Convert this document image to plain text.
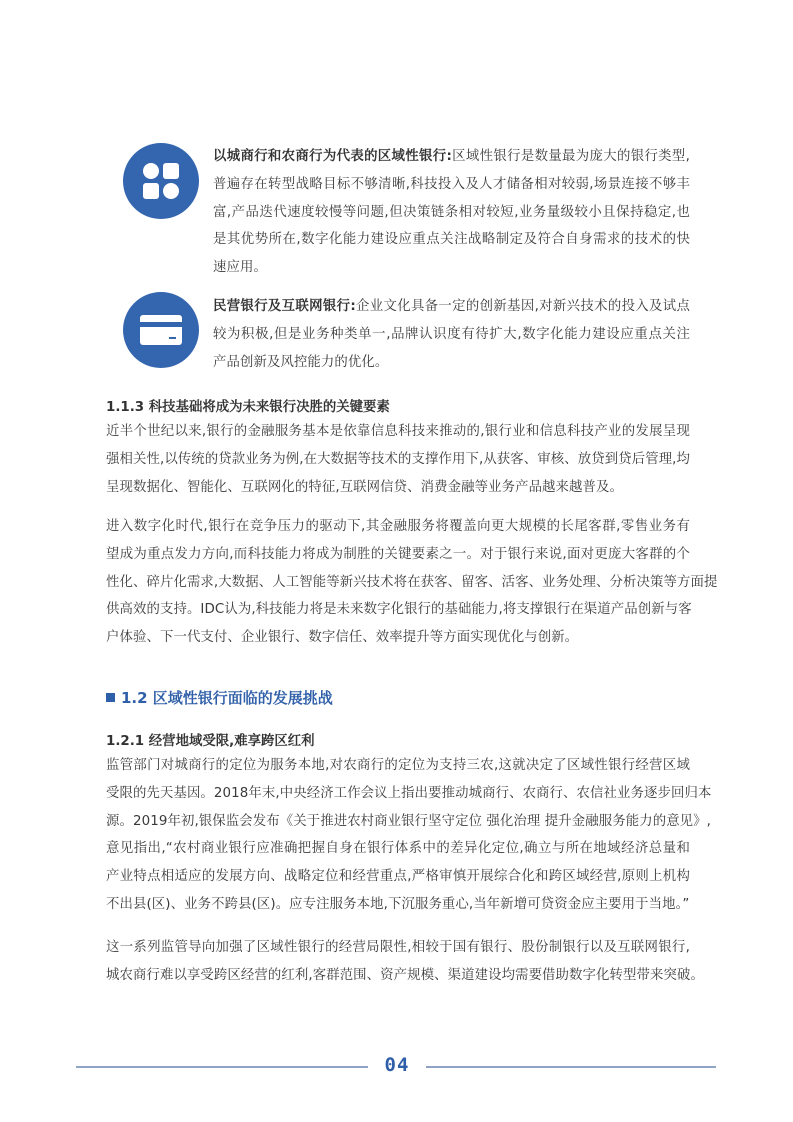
以城商行和农商行为代表的区域性银行:区域性银行是数量最为庞大的银行类型,
普遍存在转型战略目标不够清晰,科技投入及人才储备相对较弱,场景连接不够丰
富,产品迭代速度较慢等问题,但决策链条相对较短,业务量级较小且保持稳定,也
是其优势所在,数字化能力建设应重点关注战略制定及符合自身需求的技术的快
速应用。
民营银行及互联网银行:企业文化具备一定的创新基因,对新兴技术的投入及试点
较为积极,但是业务种类单一,品牌认识度有待扩大,数字化能力建设应重点关注
产品创新及风控能力的优化。
1.1.3 科技基础将成为未来银行决胜的关键要素
近半个世纪以来,银行的金融服务基本是依靠信息科技来推动的,银行业和信息科技产业的发展呈现
强相关性,以传统的贷款业务为例,在大数据等技术的支撑作用下,从获客、审核、放贷到贷后管理,均
呈现数据化、智能化、互联网化的特征,互联网信贷、消费金融等业务产品越来越普及。
进入数字化时代,银行在竞争压力的驱动下,其金融服务将覆盖向更大规模的长尾客群,零售业务有
望成为重点发力方向,而科技能力将成为制胜的关键要素之一。对于银行来说,面对更庞大客群的个
性化、碎片化需求,大数据、人工智能等新兴技术将在获客、留客、活客、业务处理、分析决策等方面提
供高效的支持。IDC认为,科技能力将是未来数字化银行的基础能力,将支撑银行在渠道产品创新与客
户体验、下一代支付、企业银行、数字信任、效率提升等方面实现优化与创新。
1.2 区域性银行面临的发展挑战
1.2.1 经营地域受限,难享跨区红利
监管部门对城商行的定位为服务本地,对农商行的定位为支持三农,这就决定了区域性银行经营区域
受限的先天基因。2018年末,中央经济工作会议上指出要推动城商行、农商行、农信社业务逐步回归本
源。2019年初,银保监会发布《关于推进农村商业银行坚守定位 强化治理 提升金融服务能力的意见》,
意见指出,“农村商业银行应准确把握自身在银行体系中的差异化定位,确立与所在地域经济总量和
产业特点相适应的发展方向、战略定位和经营重点,严格审慎开展综合化和跨区域经营,原则上机构
不出县(区)、业务不跨县(区)。应专注服务本地,下沉服务重心,当年新增可贷资金应主要用于当地。”
这一系列监管导向加强了区域性银行的经营局限性,相较于国有银行、股份制银行以及互联网银行,
城农商行难以享受跨区经营的红利,客群范围、资产规模、渠道建设均需要借助数字化转型带来突破。
04
